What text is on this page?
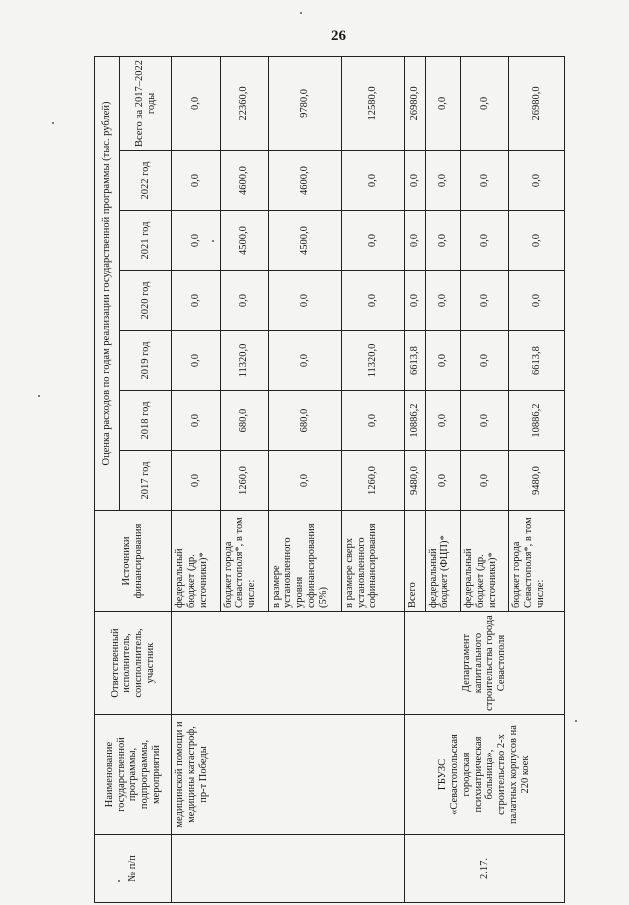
26
№ п/п	Наименование государственной программы, подпрограммы, мероприятий	Ответственный исполнитель, соисполнитель, участник	Источники финансирования	Оценка расходов по годам реализации государственной программы (тыс. рублей)						
				2017 год	2018 год	2019 год	2020 год	2021 год	2022 год	Всего за 2017–2022 годы
	медицинской помощи и медицины катастроф, пр-т Победы		федеральный бюджет (др. источники)*	0,0	0,0	0,0	0,0	0,0	0,0	0,0
			бюджет города Севастополя*, в том числе:	1260,0	680,0	11320,0	0,0	4500,0	4600,0	22360,0
			в размере установленного уровня софинансирования (5%)	0,0	680,0	0,0	0,0	4500,0	4600,0	9780,0
			в размере сверх установленного софинансирования	1260,0	0,0	11320,0	0,0	0,0	0,0	12580,0
2.17.	ГБУЗС «Севастопольская городская психиатрическая больница», строительство 2-х палатных корпусов на 220 коек	Департамент капитального строительства города Севастополя	Всего	9480,0	10886,2	6613,8	0,0	0,0	0,0	26980,0
			федеральный бюджет (ФЦП)*	0,0	0,0	0,0	0,0	0,0	0,0	0,0
			федеральный бюджет (др. источники)*	0,0	0,0	0,0	0,0	0,0	0,0	0,0
			бюджет города Севастополя*, в том числе:	9480,0	10886,2	6613,8	0,0	0,0	0,0	26980,0
